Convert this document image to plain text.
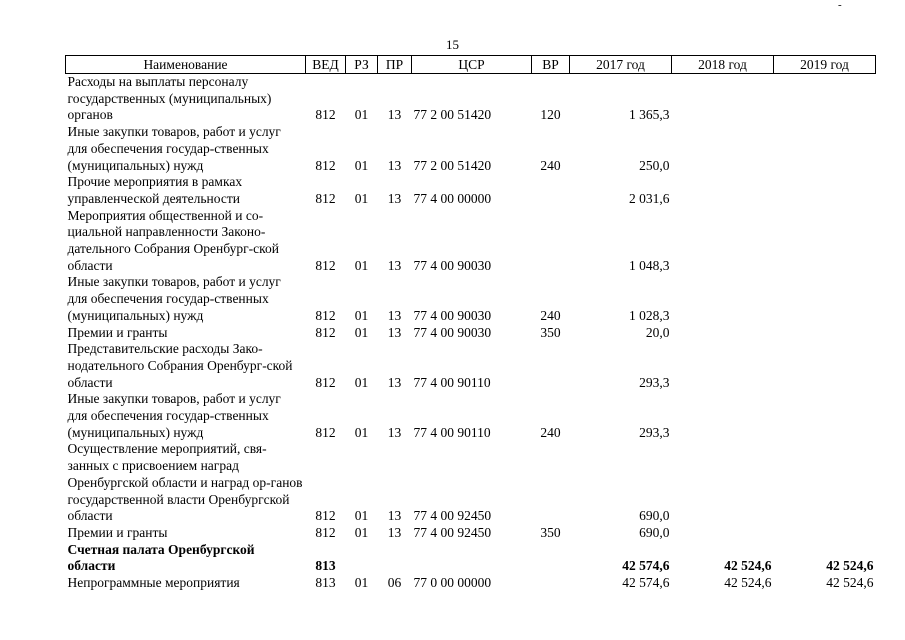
-
15
Наименование	ВЕД	РЗ	ПР	ЦСР	ВР	2017 год	2018 год	2019 год
Расходы на выплаты персоналу государственных (муниципальных) органов	812	01	13	77 2 00 51420	120	1 365,3		
Иные закупки товаров, работ и услуг для обеспечения государ-ственных (муниципальных) нужд	812	01	13	77 2 00 51420	240	250,0		
Прочие мероприятия в рамках управленческой деятельности	812	01	13	77 4 00 00000		2 031,6		
Мероприятия общественной и со-циальной направленности Законо-дательного Собрания Оренбург-ской области	812	01	13	77 4 00 90030		1 048,3		
Иные закупки товаров, работ и услуг для обеспечения государ-ственных (муниципальных) нужд	812	01	13	77 4 00 90030	240	1 028,3		
Премии и гранты	812	01	13	77 4 00 90030	350	20,0		
Представительские расходы Зако-нодательного Собрания Оренбург-ской области	812	01	13	77 4 00 90110		293,3		
Иные закупки товаров, работ и услуг для обеспечения государ-ственных (муниципальных) нужд	812	01	13	77 4 00 90110	240	293,3		
Осуществление мероприятий, свя-занных с присвоением наград Оренбургской области и наград ор-ганов государственной власти Оренбургской области	812	01	13	77 4 00 92450		690,0		
Премии и гранты	812	01	13	77 4 00 92450	350	690,0		
Счетная палата Оренбургской области	813					42 574,6	42 524,6	42 524,6
Непрограммные мероприятия	813	01	06	77 0 00 00000		42 574,6	42 524,6	42 524,6
